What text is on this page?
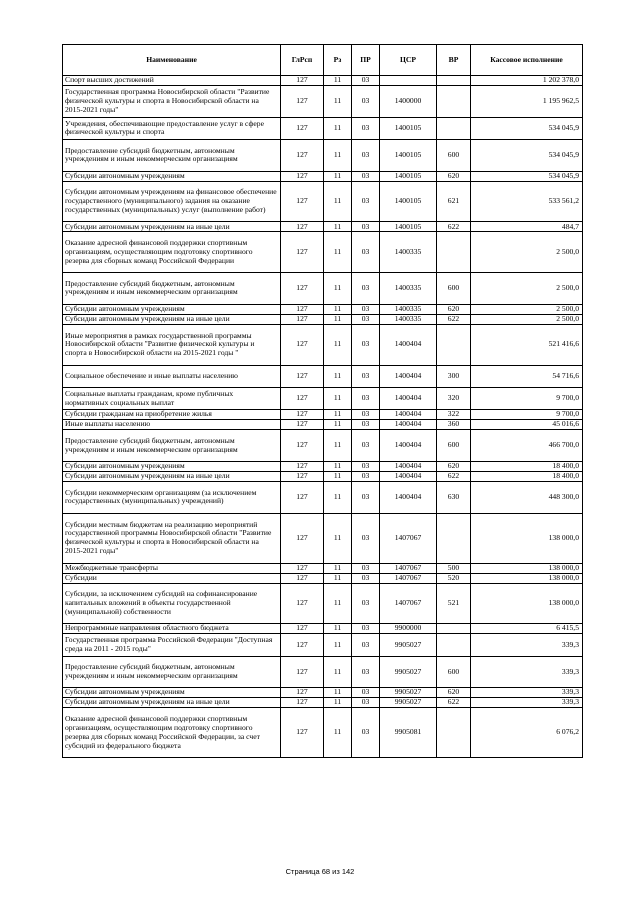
Наименование	ГлРсп	Рз	ПР	ЦСР	ВР	Кассовое исполнение
Спорт высших достижений	127	11	03			1 202 378,0
Государственная программа Новосибирской области "Развитие физической культуры и спорта в Новосибирской области на 2015-2021 годы"	127	11	03	1400000		1 195 962,5
Учреждения, обеспечивающие предоставление услуг в сфере физической культуры и спорта	127	11	03	1400105		534 045,9
Предоставление субсидий бюджетным, автономным учреждениям и иным некоммерческим организациям	127	11	03	1400105	600	534 045,9
Субсидии автономным учреждениям	127	11	03	1400105	620	534 045,9
Субсидии автономным учреждениям на финансовое обеспечение государственного (муниципального) задания на оказание государственных (муниципальных) услуг (выполнение работ)	127	11	03	1400105	621	533 561,2
Субсидии автономным учреждениям на иные цели	127	11	03	1400105	622	484,7
Оказание адресной финансовой поддержки спортивным организациям, осуществляющим подготовку спортивного резерва для сборных команд Российской Федерации	127	11	03	1400335		2 500,0
Предоставление субсидий бюджетным, автономным учреждениям и иным некоммерческим организациям	127	11	03	1400335	600	2 500,0
Субсидии автономным учреждениям	127	11	03	1400335	620	2 500,0
Субсидии автономным учреждениям на иные цели	127	11	03	1400335	622	2 500,0
Иные мероприятия в рамках государственной программы Новосибирской области "Развитие физической культуры и спорта в Новосибирской области на 2015-2021 годы "	127	11	03	1400404		521 416,6
Социальное обеспечение и иные выплаты населению	127	11	03	1400404	300	54 716,6
Социальные выплаты гражданам, кроме публичных нормативных социальных выплат	127	11	03	1400404	320	9 700,0
Субсидии гражданам на приобретение жилья	127	11	03	1400404	322	9 700,0
Иные выплаты населению	127	11	03	1400404	360	45 016,6
Предоставление субсидий бюджетным, автономным учреждениям и иным некоммерческим организациям	127	11	03	1400404	600	466 700,0
Субсидии автономным учреждениям	127	11	03	1400404	620	18 400,0
Субсидии автономным учреждениям на иные цели	127	11	03	1400404	622	18 400,0
Субсидии некоммерческим организациям (за исключением государственных (муниципальных) учреждений)	127	11	03	1400404	630	448 300,0
Субсидии местным бюджетам на реализацию мероприятий государственной программы Новосибирской области "Развитие физической культуры и спорта в Новосибирской области на 2015-2021 годы"	127	11	03	1407067		138 000,0
Межбюджетные трансферты	127	11	03	1407067	500	138 000,0
Субсидии	127	11	03	1407067	520	138 000,0
Субсидии, за исключением субсидий на софинансирование капитальных вложений в объекты государственной (муниципальной) собственности	127	11	03	1407067	521	138 000,0
Непрограммные направления областного бюджета	127	11	03	9900000		6 415,5
Государственная программа Российской Федерации "Доступная среда на 2011 - 2015 годы"	127	11	03	9905027		339,3
Предоставление субсидий бюджетным, автономным учреждениям и иным некоммерческим организациям	127	11	03	9905027	600	339,3
Субсидии автономным учреждениям	127	11	03	9905027	620	339,3
Субсидии автономным учреждениям на иные цели	127	11	03	9905027	622	339,3
Оказание адресной финансовой поддержки спортивным организациям, осуществляющим подготовку спортивного резерва для сборных команд Российской Федерации, за счет субсидий из федерального бюджета	127	11	03	9905081		6 076,2
Страница 68 из 142
